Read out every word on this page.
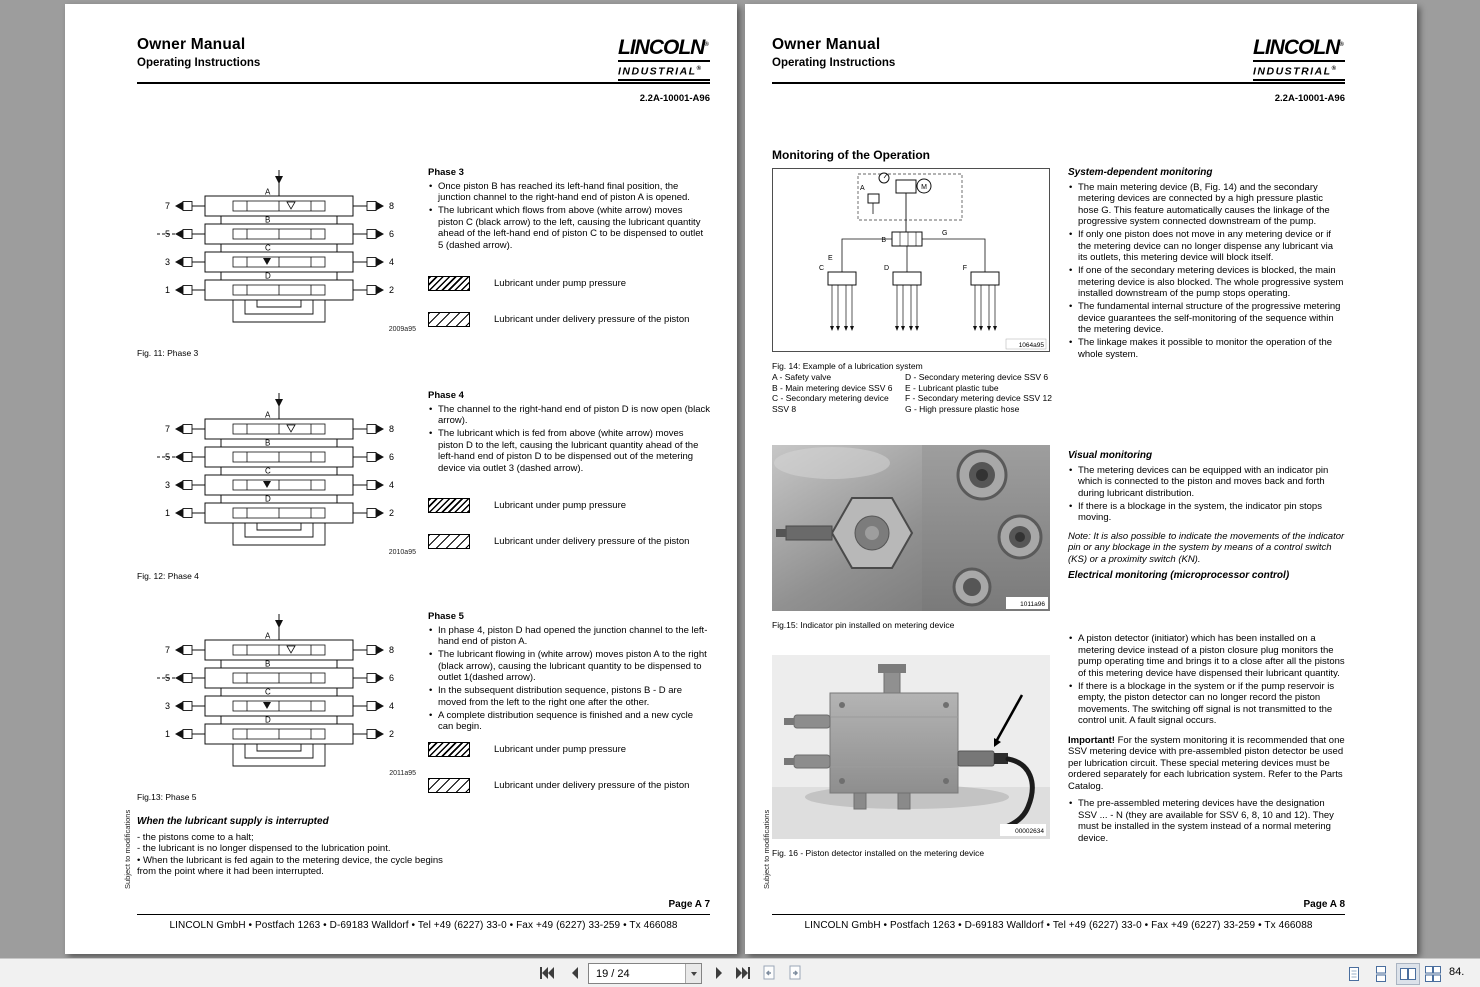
Owner Manual
Operating Instructions
LINCOLN®
INDUSTRIAL®
2.2A-10001-A96
A
7	8
B
5	6
C
3	4
D
1	2
2009a95
Fig. 11: Phase 3
Phase 3
• Once piston B has reached its left-hand final position, the junction channel to the right-hand end of piston A is opened.
• The lubricant which flows from above (white arrow) moves piston C (black arrow) to the left, causing the lubricant quantity ahead of the left-hand end of piston C to be dispensed to outlet 5 (dashed arrow).
Lubricant under pump pressure
Lubricant under delivery pressure of the piston
A
7	8
B
5	6
C
3	4
D
1	2
2010a95
Fig. 12: Phase 4
Phase 4
• The channel to the right-hand end of piston D is now open (black arrow).
• The lubricant which is fed from above (white arrow) moves piston D to the left, causing the lubricant quantity ahead of the left-hand end of piston D to be dispensed out of the metering device via outlet 3 (dashed arrow).
Lubricant under pump pressure
Lubricant under delivery pressure of the piston
A
7	8
B
5	6
C
3	4
D
1	2
2011a95
Fig.13: Phase 5
Phase 5
• In phase 4, piston D had opened the junction channel to the left-hand end of piston A.
• The lubricant flowing in (white arrow) moves piston A to the right (black arrow), causing the lubricant quantity to be dispensed to outlet 1(dashed arrow).
• In the subsequent distribution sequence, pistons B - D are moved from the left to the right one after the other.
• A complete distribution sequence is finished and a new cycle can begin.
Lubricant under pump pressure
Lubricant under delivery pressure of the piston
When the lubricant supply is interrupted
- the pistons come to a halt;
- the lubricant is no longer dispensed to the lubrication point.
• When the lubricant is fed again to the metering device, the cycle begins from the point where it had been interrupted.
Page A 7
LINCOLN GmbH • Postfach 1263 • D-69183 Walldorf • Tel +49 (6227) 33-0 • Fax +49 (6227) 33-259 • Tx 466088
Subject to modifications
Owner Manual
Operating Instructions
LINCOLN®
INDUSTRIAL®
2.2A-10001-A96
Monitoring of the Operation
M
A
B
G
E
C	D	F
1064a95
Fig. 14: Example of a lubrication system
A - Safety valve
B - Main metering device SSV 6
C - Secondary metering device SSV 8
D - Secondary metering device SSV 6
E - Lubricant plastic tube
F - Secondary metering device SSV 12
G - High pressure plastic hose
System-dependent monitoring
• The main metering device (B, Fig. 14) and the secondary metering devices are connected by a high pressure plastic hose G. This feature automatically causes the linkage of the progressive system connected downstream of the pump.
• If only one piston does not move in any metering device or if the metering device can no longer dispense any lubricant via its outlets, this metering device will block itself.
• If one of the secondary metering devices is blocked, the main metering device is also blocked. The whole progressive system installed downstream of the pump stops operating.
• The fundamental internal structure of the progressive metering device guarantees the self-monitoring of the sequence within the metering device.
• The linkage makes it possible to monitor the operation of the whole system.
1011a96
Fig.15: Indicator pin installed on metering device
Visual monitoring
• The metering devices can be equipped with an indicator pin which is connected to the piston and moves back and forth during lubricant distribution.
• If there is a blockage in the system, the indicator pin stops moving.
Note: It is also possible to indicate the movements of the indicator pin or any blockage in the system by means of a control switch (KS) or a proximity switch (KN).
Electrical monitoring (microprocessor control)
00002634
Fig. 16 - Piston detector installed on the metering device
• A piston detector (initiator) which has been installed on a metering device instead of a piston closure plug monitors the pump operating time and brings it to a close after all the pistons of this metering device have dispensed their lubricant quantity.
• If there is a blockage in the system or if the pump reservoir is empty, the piston detector can no longer record the piston movements. The switching off signal is not transmitted to the control unit. A fault signal occurs.
Important! For the system monitoring it is recommended that one SSV metering device with pre-assembled piston detector be used per lubrication circuit. These special metering devices must be ordered separately for each lubrication system. Refer to the Parts Catalog.
• The pre-assembled metering devices have the designation SSV ... - N (they are available for SSV 6, 8, 10 and 12). They must be installed in the system instead of a normal metering device.
Page A 8
LINCOLN GmbH • Postfach 1263 • D-69183 Walldorf • Tel +49 (6227) 33-0 • Fax +49 (6227) 33-259 • Tx 466088
Subject to modifications
19 / 24	84.
